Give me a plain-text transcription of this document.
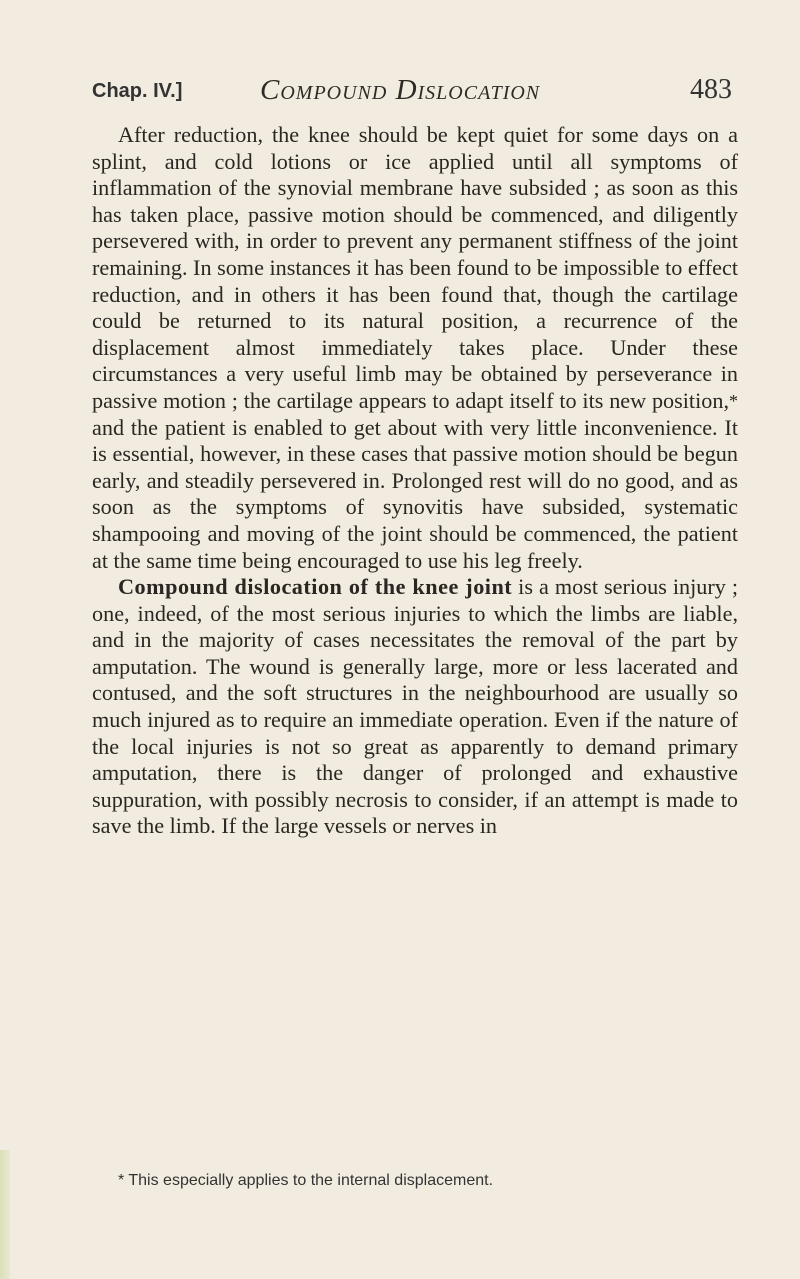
Chap. IV.]	Compound Dislocation	483

After reduction, the knee should be kept quiet for some days on a splint, and cold lotions or ice applied until all symptoms of inflammation of the synovial membrane have subsided ; as soon as this has taken place, passive motion should be commenced, and diligently persevered with, in order to prevent any permanent stiffness of the joint remaining. In some instances it has been found to be impossible to effect reduction, and in others it has been found that, though the cartilage could be returned to its natural position, a recurrence of the displacement almost immediately takes place. Under these circumstances a very useful limb may be obtained by perseverance in passive motion ; the cartilage appears to adapt itself to its new position,* and the patient is enabled to get about with very little inconvenience. It is essential, however, in these cases that passive motion should be begun early, and steadily persevered in. Prolonged rest will do no good, and as soon as the symptoms of synovitis have subsided, systematic shampooing and moving of the joint should be commenced, the patient at the same time being encouraged to use his leg freely.

Compound dislocation of the knee joint is a most serious injury ; one, indeed, of the most serious injuries to which the limbs are liable, and in the majority of cases necessitates the removal of the part by amputation. The wound is generally large, more or less lacerated and contused, and the soft structures in the neighbourhood are usually so much injured as to require an immediate operation. Even if the nature of the local injuries is not so great as apparently to demand primary amputation, there is the danger of prolonged and exhaustive suppuration, with possibly necrosis to consider, if an attempt is made to save the limb. If the large vessels or nerves in

* This especially applies to the internal displacement.
